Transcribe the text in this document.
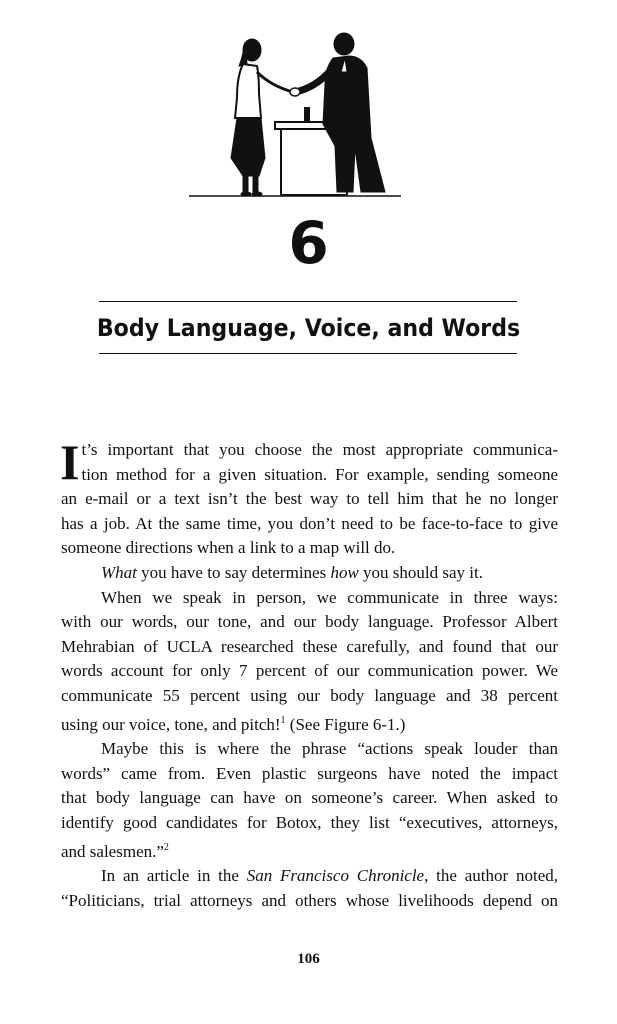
6
Body Language, Voice, and Words

I t’s important that you choose the most appropriate communica-
tion method for a given situation. For example, sending someone
an e-mail or a text isn’t the best way to tell him that he no longer
has a job. At the same time, you don’t need to be face-to-face to give
someone directions when a link to a map will do.

What you have to say determines how you should say it.

When we speak in person, we communicate in three ways:
with our words, our tone, and our body language. Professor Albert
Mehrabian of UCLA researched these carefully, and found that our
words account for only 7 percent of our communication power. We
communicate 55 percent using our body language and 38 percent
using our voice, tone, and pitch!$^1$ (See Figure 6-1.)

Maybe this is where the phrase “actions speak louder than
words” came from. Even plastic surgeons have noted the impact
that body language can have on someone’s career. When asked to
identify good candidates for Botox, they list “executives, attorneys,
and salesmen.”$^2$

In an article in the San Francisco Chronicle, the author noted,
“Politicians, trial attorneys and others whose livelihoods depend on

106
